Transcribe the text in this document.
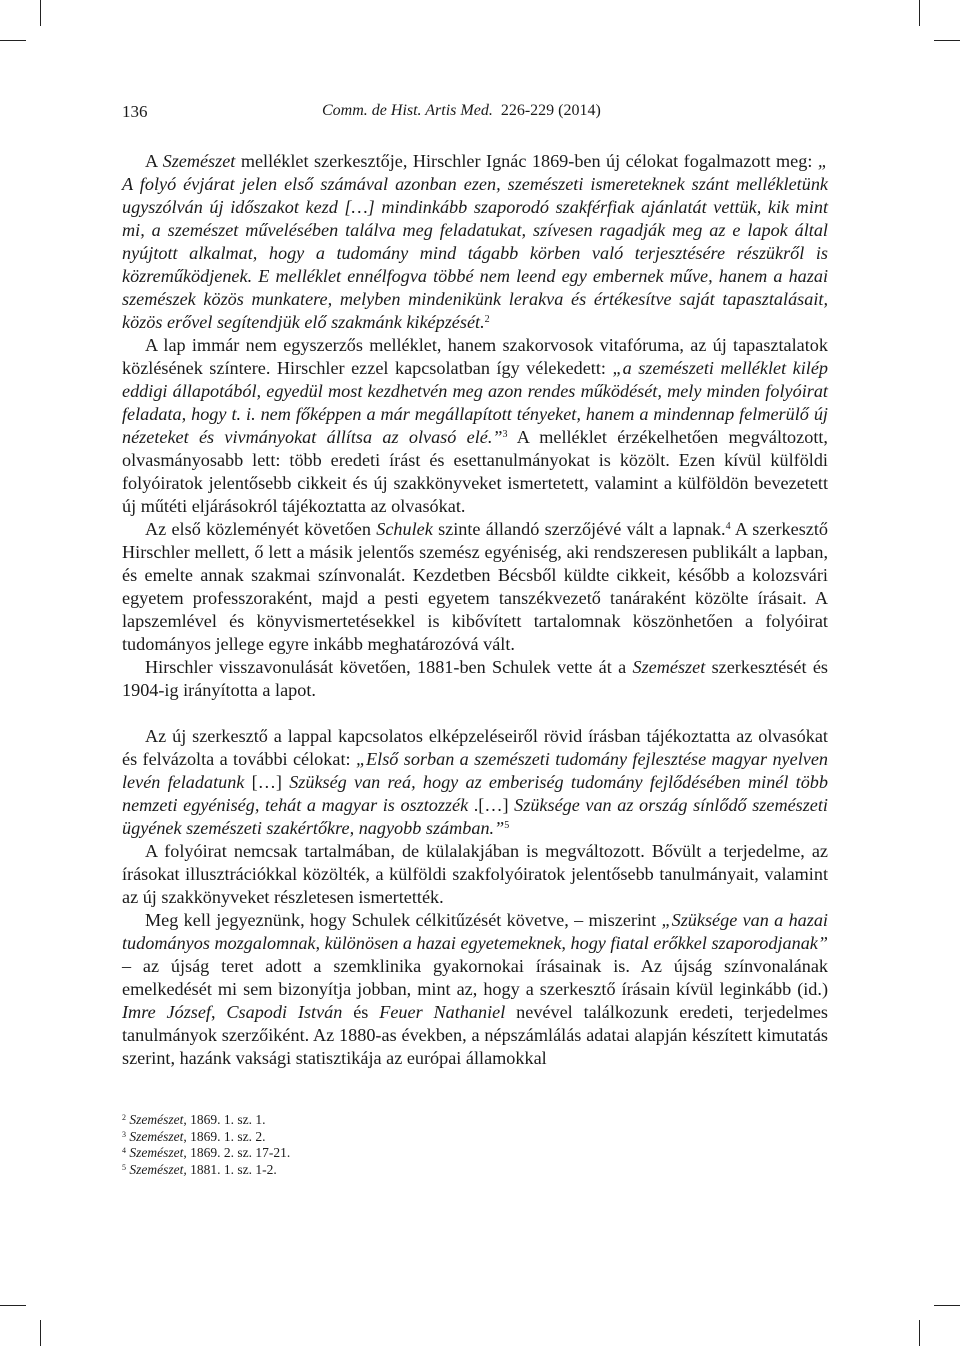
136	Comm. de Hist. Artis Med. 226-229 (2014)

A Szemészet melléklet szerkesztője, Hirschler Ignác 1869-ben új célokat fogalmazott meg: „ A folyó évjárat jelen első számával azonban ezen, szemészeti ismereteknek szánt mellékletünk ugyszólván új időszakot kezd […] mindinkább szaporodó szakférfiak ajánlatát vettük, kik mint mi, a szemészet művelésében találva meg feladatukat, szívesen ragadják meg az e lapok által nyújtott alkalmat, hogy a tudomány mind tágabb körben való terjesztésére részükről is közreműködjenek. E melléklet ennélfogva többé nem leend egy embernek műve, hanem a hazai szemészek közös munkatere, melyben mindenikünk lerakva és értékesítve saját tapasztalásait, közös erővel segítendjük elő szakmánk kiképzését.$^2$

A lap immár nem egyszerzős melléklet, hanem szakorvosok vitafóruma, az új tapasztalatok közlésének színtere. Hirschler ezzel kapcsolatban így vélekedett: „a szemészeti melléklet kilép eddigi állapotából, egyedül most kezdhetvén meg azon rendes működését, mely minden folyóirat feladata, hogy t. i. nem főképpen a már megállapított tényeket, hanem a mindennap felmerülő új nézeteket és vivmányokat állítsa az olvasó elé.”$^3$ A melléklet érzékelhetően megváltozott, olvasmányosabb lett: több eredeti írást és esettanulmányokat is közölt. Ezen kívül külföldi folyóiratok jelentősebb cikkeit és új szakkönyveket ismertetett, valamint a külföldön bevezetett új műtéti eljárásokról tájékoztatta az olvasókat.

Az első közleményét követően Schulek szinte állandó szerzőjévé vált a lapnak.$^4$ A szerkesztő Hirschler mellett, ő lett a másik jelentős szemész egyéniség, aki rendszeresen publikált a lapban, és emelte annak szakmai színvonalát. Kezdetben Bécsből küldte cikkeit, később a kolozsvári egyetem professzoraként, majd a pesti egyetem tanszékvezető tanáraként közölte írásait. A lapszemlével és könyvismertetésekkel is kibővített tartalomnak köszönhetően a folyóirat tudományos jellege egyre inkább meghatározóvá vált.

Hirschler visszavonulását követően, 1881-ben Schulek vette át a Szemészet szerkesztését és 1904-ig irányította a lapot.

Az új szerkesztő a lappal kapcsolatos elképzeléseiről rövid írásban tájékoztatta az olvasókat és felvázolta a további célokat: „Első sorban a szemészeti tudomány fejlesztése magyar nyelven levén feladatunk […] Szükség van reá, hogy az emberiség tudomány fejlődésében minél több nemzeti egyéniség, tehát a magyar is osztozzék .[…] Szüksége van az ország sínlődő szemészeti ügyének szemészeti szakértőkre, nagyobb számban.”$^5$

A folyóirat nemcsak tartalmában, de külalakjában is megváltozott. Bővült a terjedelme, az írásokat illusztrációkkal közölték, a külföldi szakfolyóiratok jelentősebb tanulmányait, valamint az új szakkönyveket részletesen ismertették.

Meg kell jegyeznünk, hogy Schulek célkitűzését követve, – miszerint „Szüksége van a hazai tudományos mozgalomnak, különösen a hazai egyetemeknek, hogy fiatal erőkkel szaporodjanak” – az újság teret adott a szemklinika gyakornokai írásainak is. Az újság színvonalának emelkedését mi sem bizonyítja jobban, mint az, hogy a szerkesztő írásain kívül leginkább (id.) Imre József, Csapodi István és Feuer Nathaniel nevével találkozunk eredeti, terjedelmes tanulmányok szerzőiként. Az 1880-as években, a népszámlálás adatai alapján készített kimutatás szerint, hazánk vaksági statisztikája az európai államokkal

$^2$ Szemészet, 1869. 1. sz. 1.
$^3$ Szemészet, 1869. 1. sz. 2.
$^4$ Szemészet, 1869. 2. sz. 17-21.
$^5$ Szemészet, 1881. 1. sz. 1-2.
